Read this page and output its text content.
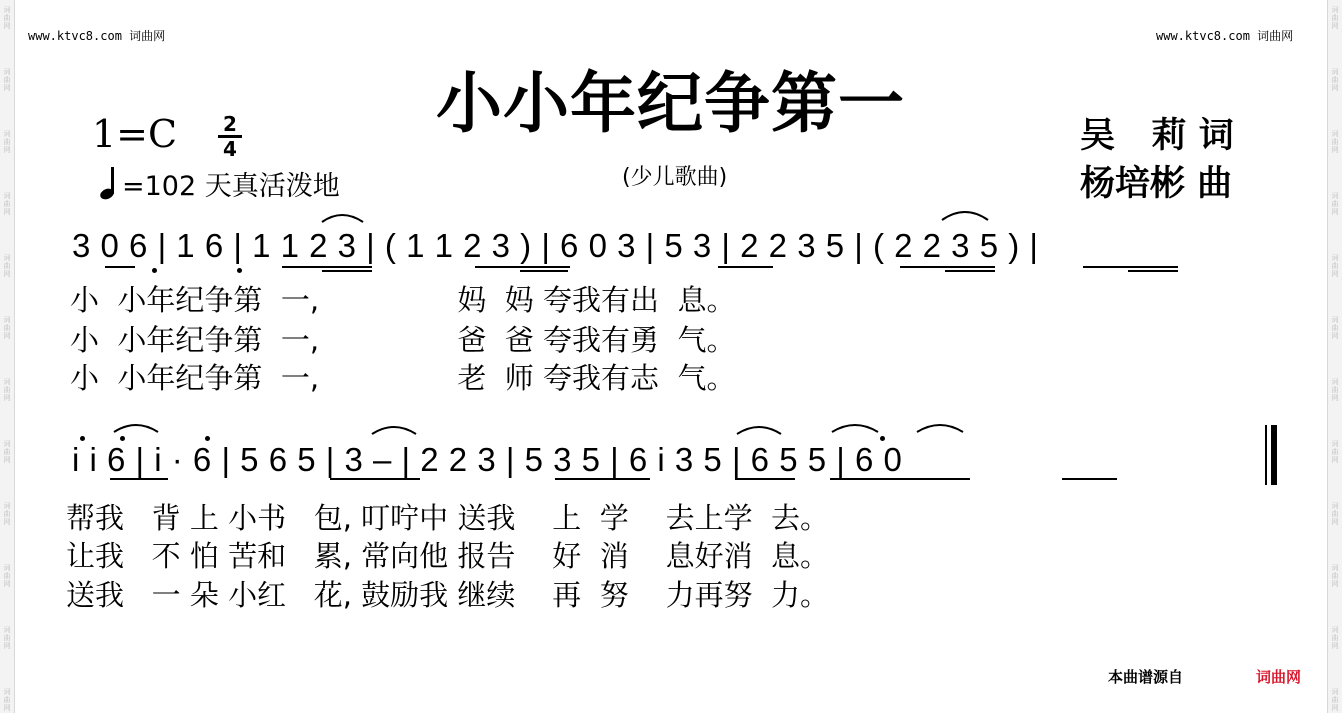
词
曲
网
词
曲
网
词
曲
网
词
曲
网
词
曲
网
词
曲
网
词
曲
网
词
曲
网
词
曲
网
词
曲
网
词
曲
网
词
曲
网
词
曲
网
词
曲
网
词
曲
网
词
曲
网
词
曲
网
词
曲
网
词
曲
网
词
曲
网
词
曲
网
词
曲
网
词
曲
网
词
曲
网
www.ktvc8.com 词曲网	www.ktvc8.com 词曲网
小小年纪争第一
(少儿歌曲)
1=C	2
4
=102 天真活泼地
吴   莉 词
杨培彬 曲
3 0 6 | 1 6 | 1 1 2 3 | ( 1 1 2 3 ) | 6 0 3 | 5 3 | 2 2 3 5 | ( 2 2 3 5 ) |
小  小年纪争第  一,               妈  妈 夸我有出  息。
小  小年纪争第  一,               爸  爸 夸我有勇  气。
小  小年纪争第  一,               老  师 夸我有志  气。
i i 6 | i · 6 | 5 6 5 | 3 – | 2 2 3 | 5 3 5 | 6 i 3 5 | 6 5 5 | 6 0
帮我   背 上 小书   包, 叮咛中 送我    上  学    去上学  去。
让我   不 怕 苦和   累, 常向他 报告    好  消    息好消  息。
送我   一 朵 小红   花, 鼓励我 继续    再  努    力再努  力。
本曲谱源自	词曲网
